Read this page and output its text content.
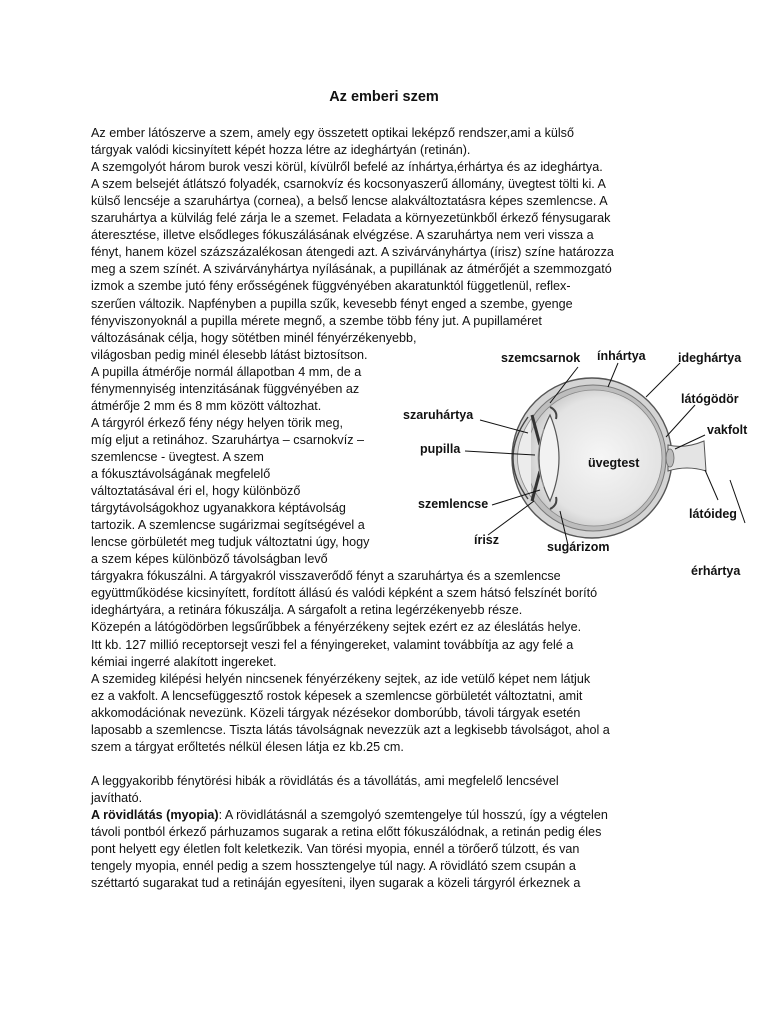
Az emberi szem
Az ember látószerve a szem, amely egy összetett optikai leképző rendszer,ami a külső
tárgyak valódi kicsinyített képét hozza létre az ideghártyán (retinán).
A szemgolyót három burok veszi körül, kívülről befelé az ínhártya,érhártya és az ideghártya.
A szem belsejét átlátszó folyadék, csarnokvíz és kocsonyaszerű állomány, üvegtest tölti ki. A
külső lencséje a szaruhártya (cornea), a belső lencse alakváltoztatásra képes szemlencse. A
szaruhártya a külvilág felé zárja le a szemet. Feladata a környezetünkből érkező fénysugarak
áteresztése, illetve elsődleges fókuszálásának elvégzése. A szaruhártya nem veri vissza a
fényt, hanem közel százszázalékosan átengedi azt. A szivárványhártya (írisz) színe határozza
meg a szem színét. A szivárványhártya nyílásának, a pupillának az átmérőjét a szemmozgató
izmok a szembe jutó fény erősségének függvényében akaratunktól függetlenül, reflex-
szerűen változik. Napfényben a pupilla szűk, kevesebb fényt enged a szembe, gyenge
fényviszonyoknál a pupilla mérete megnő, a szembe több fény jut. A pupillaméret
változásának célja, hogy sötétben minél fényérzékenyebb,
világosban pedig minél élesebb látást biztosítson.
A pupilla átmérője normál állapotban 4 mm, de a
fénymennyiség intenzitásának függvényében az
átmérője 2 mm és 8 mm között változhat.
A tárgyról érkező fény négy helyen törik meg,
míg eljut a retinához. Szaruhártya – csarnokvíz –
szemlencse - üvegtest. A szem
a fókusztávolságának megfelelő
változtatásával éri el, hogy különböző
tárgytávolságokhoz ugyanakkora képtávolság
tartozik. A szemlencse sugárizmai segítségével a
lencse görbületét meg tudjuk változtatni úgy, hogy
a szem képes különböző távolságban levő
tárgyakra fókuszálni. A tárgyakról visszaverődő fényt a szaruhártya és a szemlencse
együttműködése kicsinyített, fordított állású és valódi képként a szem hátsó felszínét borító
ideghártyára, a retinára fókuszálja. A sárgafolt a retina legérzékenyebb része.
Közepén a látógödörben legsűrűbbek a fényérzékeny sejtek ezért ez az éleslátás helye.
Itt kb. 127 millió receptorsejt veszi fel a fényingereket, valamint továbbítja az agy felé a
kémiai ingerré alakított ingereket.
A szemideg kilépési helyén nincsenek fényérzékeny sejtek, az ide vetülő képet nem látjuk
ez a vakfolt. A lencsefüggesztő rostok képesek a szemlencse görbületét változtatni, amit
akkomodációnak nevezünk. Közeli tárgyak nézésekor domborúbb, távoli tárgyak esetén
laposabb a szemlencse. Tiszta látás távolságnak nevezzük azt a legkisebb távolságot, ahol a
szem a tárgyat erőltetés nélkül élesen látja ez kb.25 cm.
A leggyakoribb fénytörési hibák a rövidlátás és a távollátás, ami megfelelő lencsével
javítható.
A rövidlátás (myopia): A rövidlátásnál a szemgolyó szemtengelye túl hosszú, így a végtelen
távoli pontból érkező párhuzamos sugarak a retina előtt fókuszálódnak, a retinán pedig éles
pont helyett egy életlen folt keletkezik. Van törési myopia, ennél a törőerő túlzott, és van
tengely myopia, ennél pedig a szem hossztengelye túl nagy. A rövidlátó szem csupán a
széttartó sugarakat tud a retináján egyesíteni, ilyen sugarak a közeli tárgyról érkeznek a
szemcsarnok ínhártya	ideghártya
látógödör
vakfolt
szaruhártya
pupilla
üvegtest
szemlencse
látóideg
írisz	sugárizom
érhártya
